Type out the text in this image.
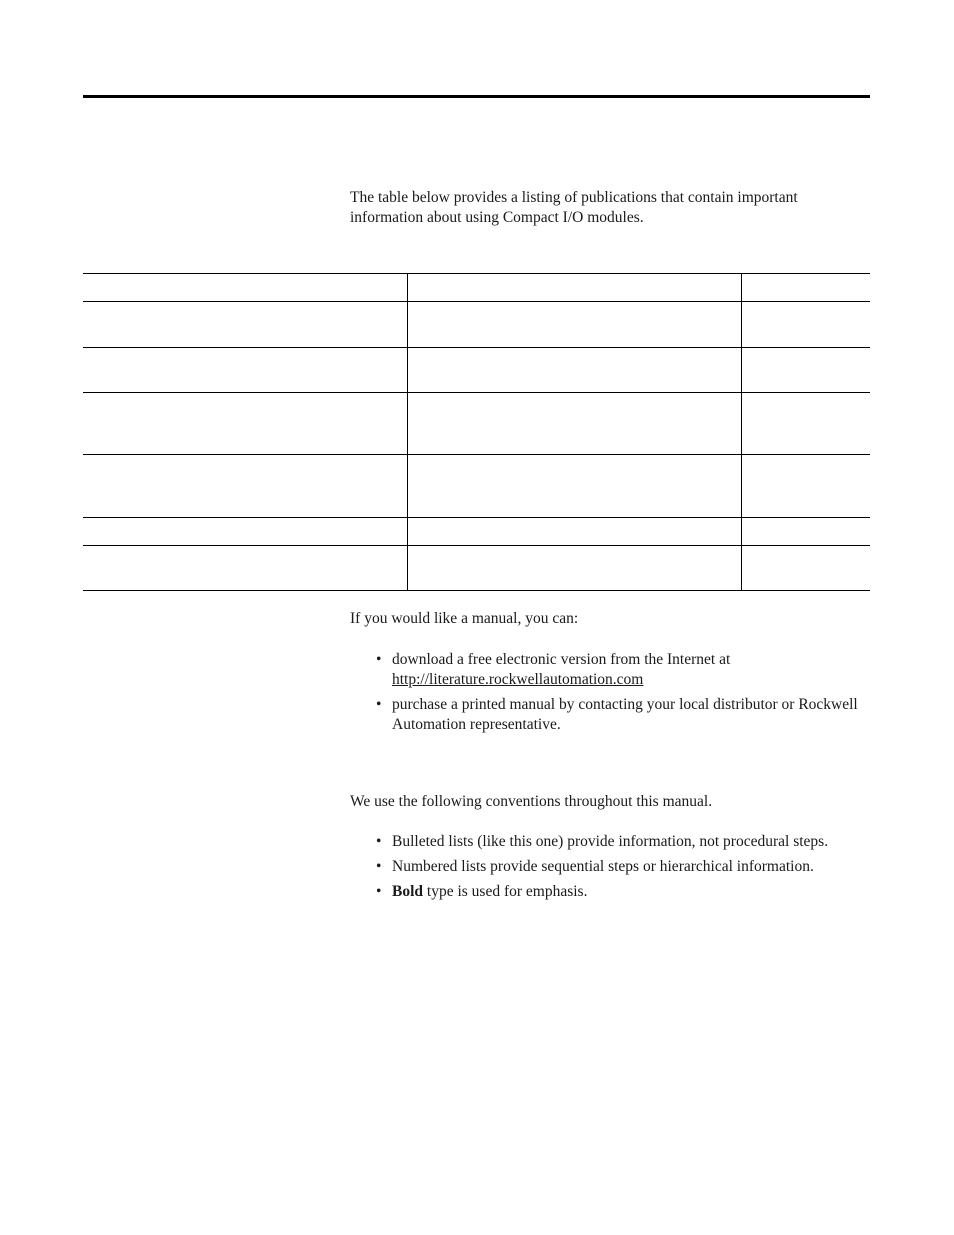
The table below provides a listing of publications that contain important information about using Compact I/O modules.

If you would like a manual, you can:

• download a free electronic version from the Internet at
http://literature.rockwellautomation.com
• purchase a printed manual by contacting your local distributor or Rockwell Automation representative.

We use the following conventions throughout this manual.

• Bulleted lists (like this one) provide information, not procedural steps.
• Numbered lists provide sequential steps or hierarchical information.
• Bold type is used for emphasis.
